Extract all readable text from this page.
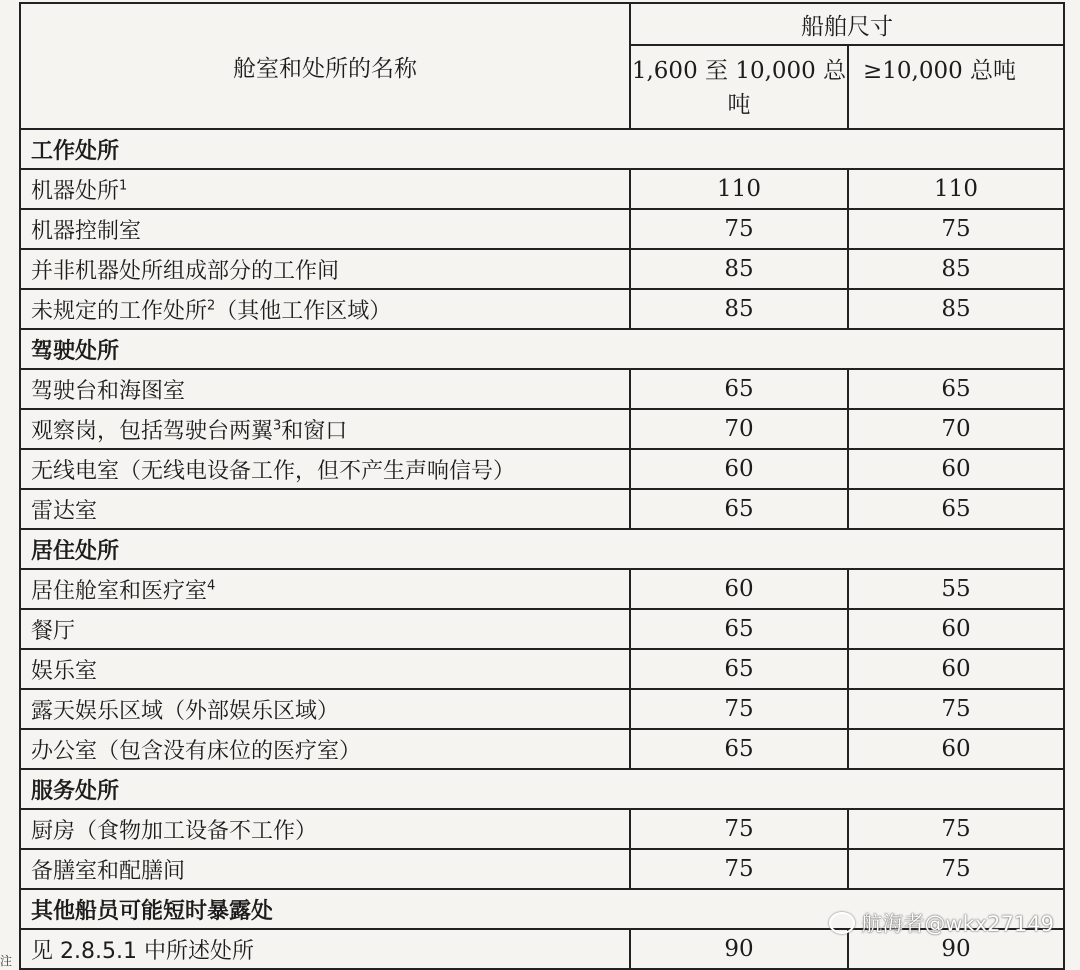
舱室和处所的名称	船舶尺寸	
	1,600 至 10,000 总吨	≥10,000 总吨
工作处所		
机器处所$^1$	110	110
机器控制室	75	75
并非机器处所组成部分的工作间	85	85
未规定的工作处所$^2$（其他工作区域）	85	85
驾驶处所		
驾驶台和海图室	65	65
观察岗，包括驾驶台两翼$^3$和窗口	70	70
无线电室（无线电设备工作，但不产生声响信号）	60	60
雷达室	65	65
居住处所		
居住舱室和医疗室$^4$	60	55
餐厅	65	60
娱乐室	65	60
露天娱乐区域（外部娱乐区域）	75	75
办公室（包含没有床位的医疗室）	65	60
服务处所		
厨房（食物加工设备不工作）	75	75
备膳室和配膳间	75	75
其他船员可能短时暴露处		
见 2.8.5.1 中所述处所	90	90
航海者@wkx27149
注
